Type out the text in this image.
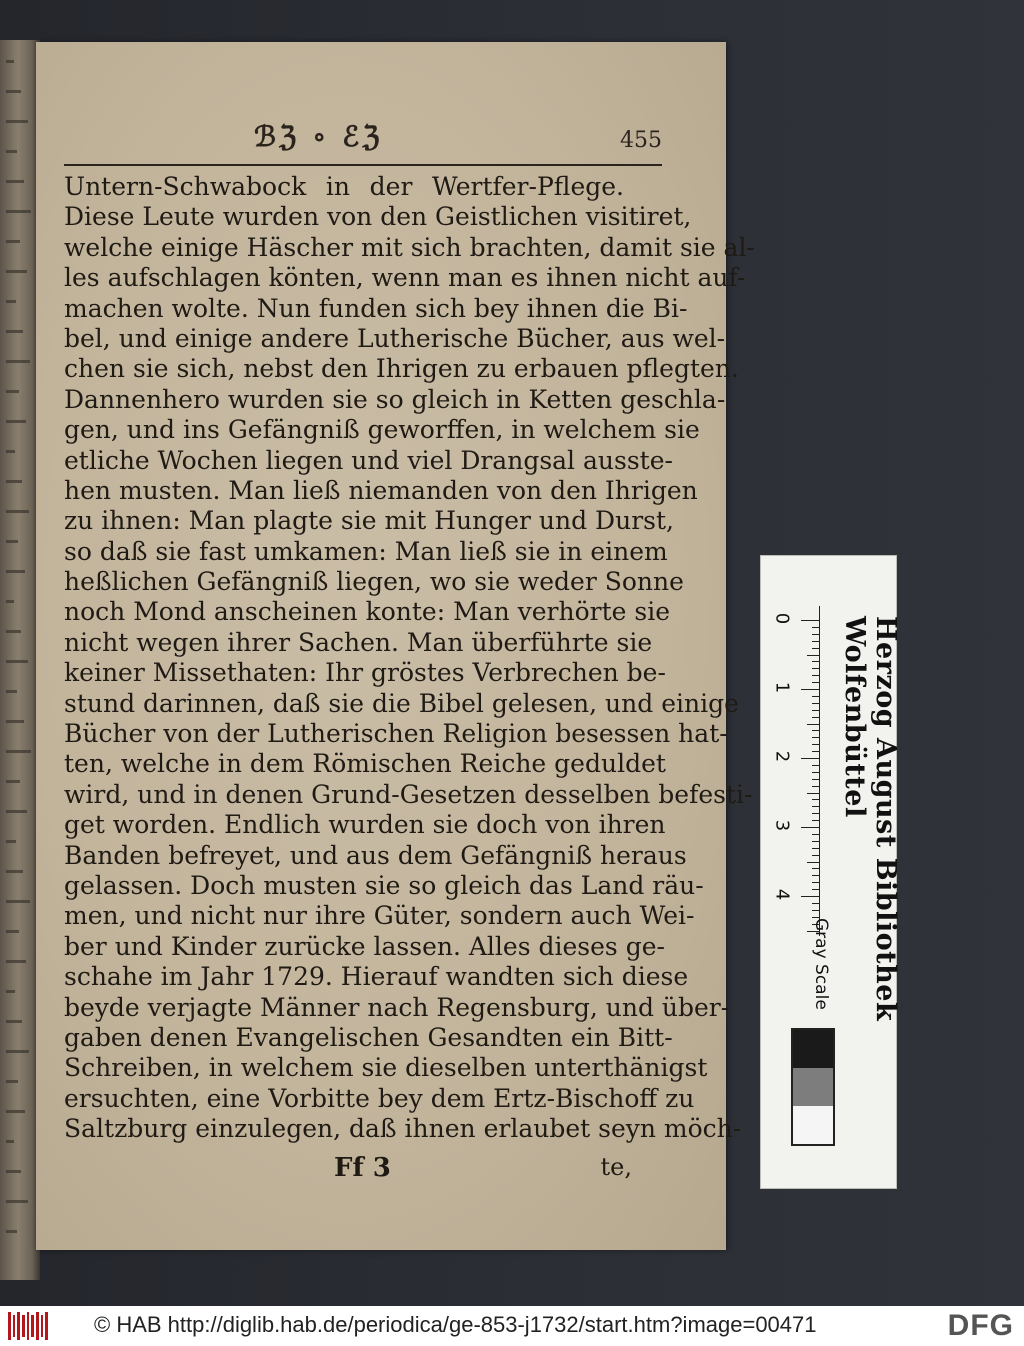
ℬℨ ∘ ℰℨ	455
Untern-Schwabock in der Wertfer-Pflege.
Diese Leute wurden von den Geistlichen visitiret,
welche einige Häscher mit sich brachten, damit sie al-
les aufschlagen könten, wenn man es ihnen nicht auf-
machen wolte. Nun funden sich bey ihnen die Bi-
bel, und einige andere Lutherische Bücher, aus wel-
chen sie sich, nebst den Ihrigen zu erbauen pflegten.
Dannenhero wurden sie so gleich in Ketten geschla-
gen, und ins Gefängniß geworffen, in welchem sie
etliche Wochen liegen und viel Drangsal ausste-
hen musten. Man ließ niemanden von den Ihrigen
zu ihnen: Man plagte sie mit Hunger und Durst,
so daß sie fast umkamen: Man ließ sie in einem
heßlichen Gefängniß liegen, wo sie weder Sonne
noch Mond anscheinen konte: Man verhörte sie
nicht wegen ihrer Sachen. Man überführte sie
keiner Missethaten: Ihr gröstes Verbrechen be-
stund darinnen, daß sie die Bibel gelesen, und einige
Bücher von der Lutherischen Religion besessen hat-
ten, welche in dem Römischen Reiche geduldet
wird, und in denen Grund-Gesetzen desselben befesti-
get worden. Endlich wurden sie doch von ihren
Banden befreyet, und aus dem Gefängniß heraus
gelassen. Doch musten sie so gleich das Land räu-
men, und nicht nur ihre Güter, sondern auch Wei-
ber und Kinder zurücke lassen. Alles dieses ge-
schahe im Jahr 1729. Hierauf wandten sich diese
beyde verjagte Männer nach Regensburg, und über-
gaben denen Evangelischen Gesandten ein Bitt-
Schreiben, in welchem sie dieselben unterthänigst
ersuchten, eine Vorbitte bey dem Ertz-Bischoff zu
Saltzburg einzulegen, daß ihnen erlaubet seyn möch-
Ff 3	te,
0
1
2
3
4	Herzog August Bibliothek Wolfenbüttel
Gray Scale
© HAB http://diglib.hab.de/periodica/ge-853-j1732/start.htm?image=00471	DFG
